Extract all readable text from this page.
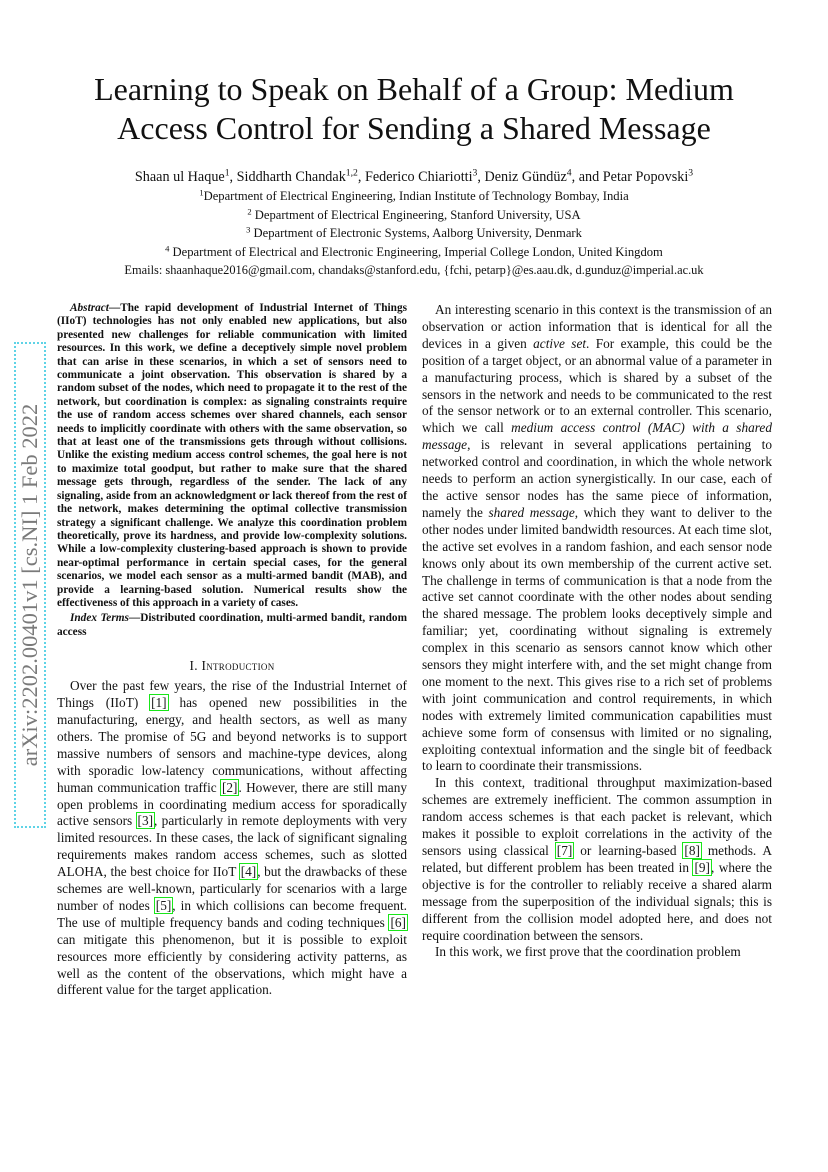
arXiv:2202.00401v1 [cs.NI] 1 Feb 2022
Learning to Speak on Behalf of a Group: Medium
Access Control for Sending a Shared Message
Shaan ul Haque$^1$, Siddharth Chandak$^{1,2}$, Federico Chiariotti$^3$, Deniz Gündüz$^4$, and Petar Popovski$^3$
$^1$Department of Electrical Engineering, Indian Institute of Technology Bombay, India
$^2$ Department of Electrical Engineering, Stanford University, USA
$^3$ Department of Electronic Systems, Aalborg University, Denmark
$^4$ Department of Electrical and Electronic Engineering, Imperial College London, United Kingdom
Emails: shaanhaque2016@gmail.com, chandaks@stanford.edu, {fchi, petarp}@es.aau.dk, d.gunduz@imperial.ac.uk

Abstract—The rapid development of Industrial Internet of Things (IIoT) technologies has not only enabled new applications, but also presented new challenges for reliable communication with limited resources. In this work, we define a deceptively simple novel problem that can arise in these scenarios, in which a set of sensors need to communicate a joint observation. This observation is shared by a random subset of the nodes, which need to propagate it to the rest of the network, but coordination is complex: as signaling constraints require the use of random access schemes over shared channels, each sensor needs to implicitly coordinate with others with the same observation, so that at least one of the transmissions gets through without collisions. Unlike the existing medium access control schemes, the goal here is not to maximize total goodput, but rather to make sure that the shared message gets through, regardless of the sender. The lack of any signaling, aside from an acknowledgment or lack thereof from the rest of the network, makes determining the optimal collective transmission strategy a significant challenge. We analyze this coordination problem theoretically, prove its hardness, and provide low-complexity solutions. While a low-complexity clustering-based approach is shown to provide near-optimal performance in certain special cases, for the general scenarios, we model each sensor as a multi-armed bandit (MAB), and provide a learning-based solution. Numerical results show the effectiveness of this approach in a variety of cases.

Index Terms—Distributed coordination, multi-armed bandit, random access

I. Introduction

Over the past few years, the rise of the Industrial Internet of Things (IIoT) [1] has opened new possibilities in the manufacturing, energy, and health sectors, as well as many others. The promise of 5G and beyond networks is to support massive numbers of sensors and machine-type devices, along with sporadic low-latency communications, without affecting human communication traffic [2]. However, there are still many open problems in coordinating medium access for sporadically active sensors [3], particularly in remote deployments with very limited resources. In these cases, the lack of significant signaling requirements makes random access schemes, such as slotted ALOHA, the best choice for IIoT [4], but the drawbacks of these schemes are well-known, particularly for scenarios with a large number of nodes [5], in which collisions can become frequent. The use of multiple frequency bands and coding techniques [6] can mitigate this phenomenon, but it is possible to exploit resources more efficiently by considering activity patterns, as well as the content of the observations, which might have a different value for the target application.

An interesting scenario in this context is the transmission of an observation or action information that is identical for all the devices in a given active set. For example, this could be the position of a target object, or an abnormal value of a parameter in a manufacturing process, which is shared by a subset of the sensors in the network and needs to be communicated to the rest of the sensor network or to an external controller. This scenario, which we call medium access control (MAC) with a shared message, is relevant in several applications pertaining to networked control and coordination, in which the whole network needs to perform an action synergistically. In our case, each of the active sensor nodes has the same piece of information, namely the shared message, which they want to deliver to the other nodes under limited bandwidth resources. At each time slot, the active set evolves in a random fashion, and each sensor node knows only about its own membership of the current active set. The challenge in terms of communication is that a node from the active set cannot coordinate with the other nodes about sending the shared message. The problem looks deceptively simple and familiar; yet, coordinating without signaling is extremely complex in this scenario as sensors cannot know which other sensors they might interfere with, and the set might change from one moment to the next. This gives rise to a rich set of problems with joint communication and control requirements, in which nodes with extremely limited communication capabilities must achieve some form of consensus with limited or no signaling, exploiting contextual information and the single bit of feedback to learn to coordinate their transmissions.

In this context, traditional throughput maximization-based schemes are extremely inefficient. The common assumption in random access schemes is that each packet is relevant, which makes it possible to exploit correlations in the activity of the sensors using classical [7] or learning-based [8] methods. A related, but different problem has been treated in [9], where the objective is for the controller to reliably receive a shared alarm message from the superposition of the individual signals; this is different from the collision model adopted here, and does not require coordination between the sensors.

In this work, we first prove that the coordination problem
